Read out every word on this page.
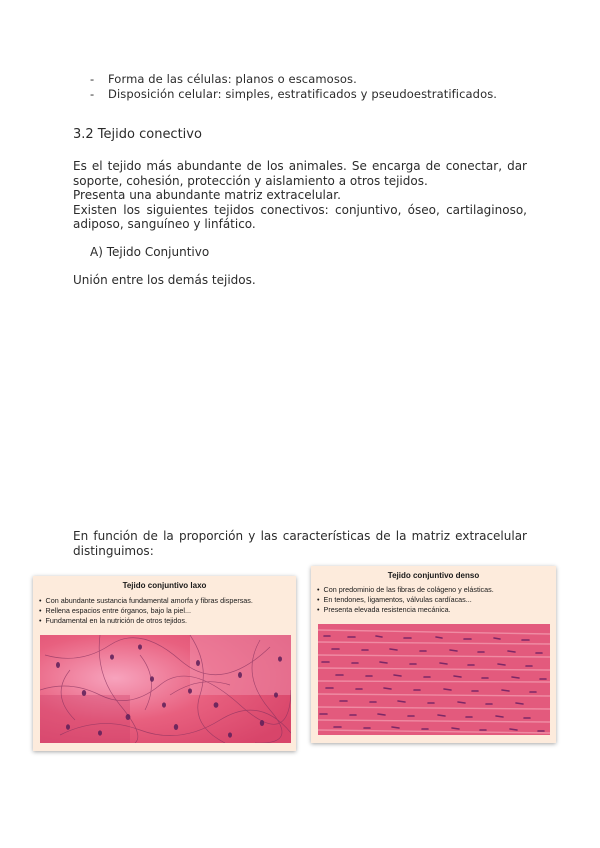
- Forma de las células: planos o escamosos.
- Disposición celular: simples, estratificados y pseudoestratificados.
3.2 Tejido conectivo
Es el tejido más abundante de los animales. Se encarga de conectar, dar
soporte, cohesión, protección y aislamiento a otros tejidos.
Presenta una abundante matriz extracelular.
Existen los siguientes tejidos conectivos: conjuntivo, óseo, cartilaginoso,
adiposo, sanguíneo y linfático.
A) Tejido Conjuntivo
Unión entre los demás tejidos.
En función de la proporción y las características de la matriz extracelular
distinguimos:
Tejido conjuntivo laxo
• Con abundante sustancia fundamental amorfa y fibras dispersas.
• Rellena espacios entre órganos, bajo la piel...
• Fundamental en la nutrición de otros tejidos.
Tejido conjuntivo denso
• Con predominio de las fibras de colágeno y elásticas.
• En tendones, ligamentos, válvulas cardíacas...
• Presenta elevada resistencia mecánica.
